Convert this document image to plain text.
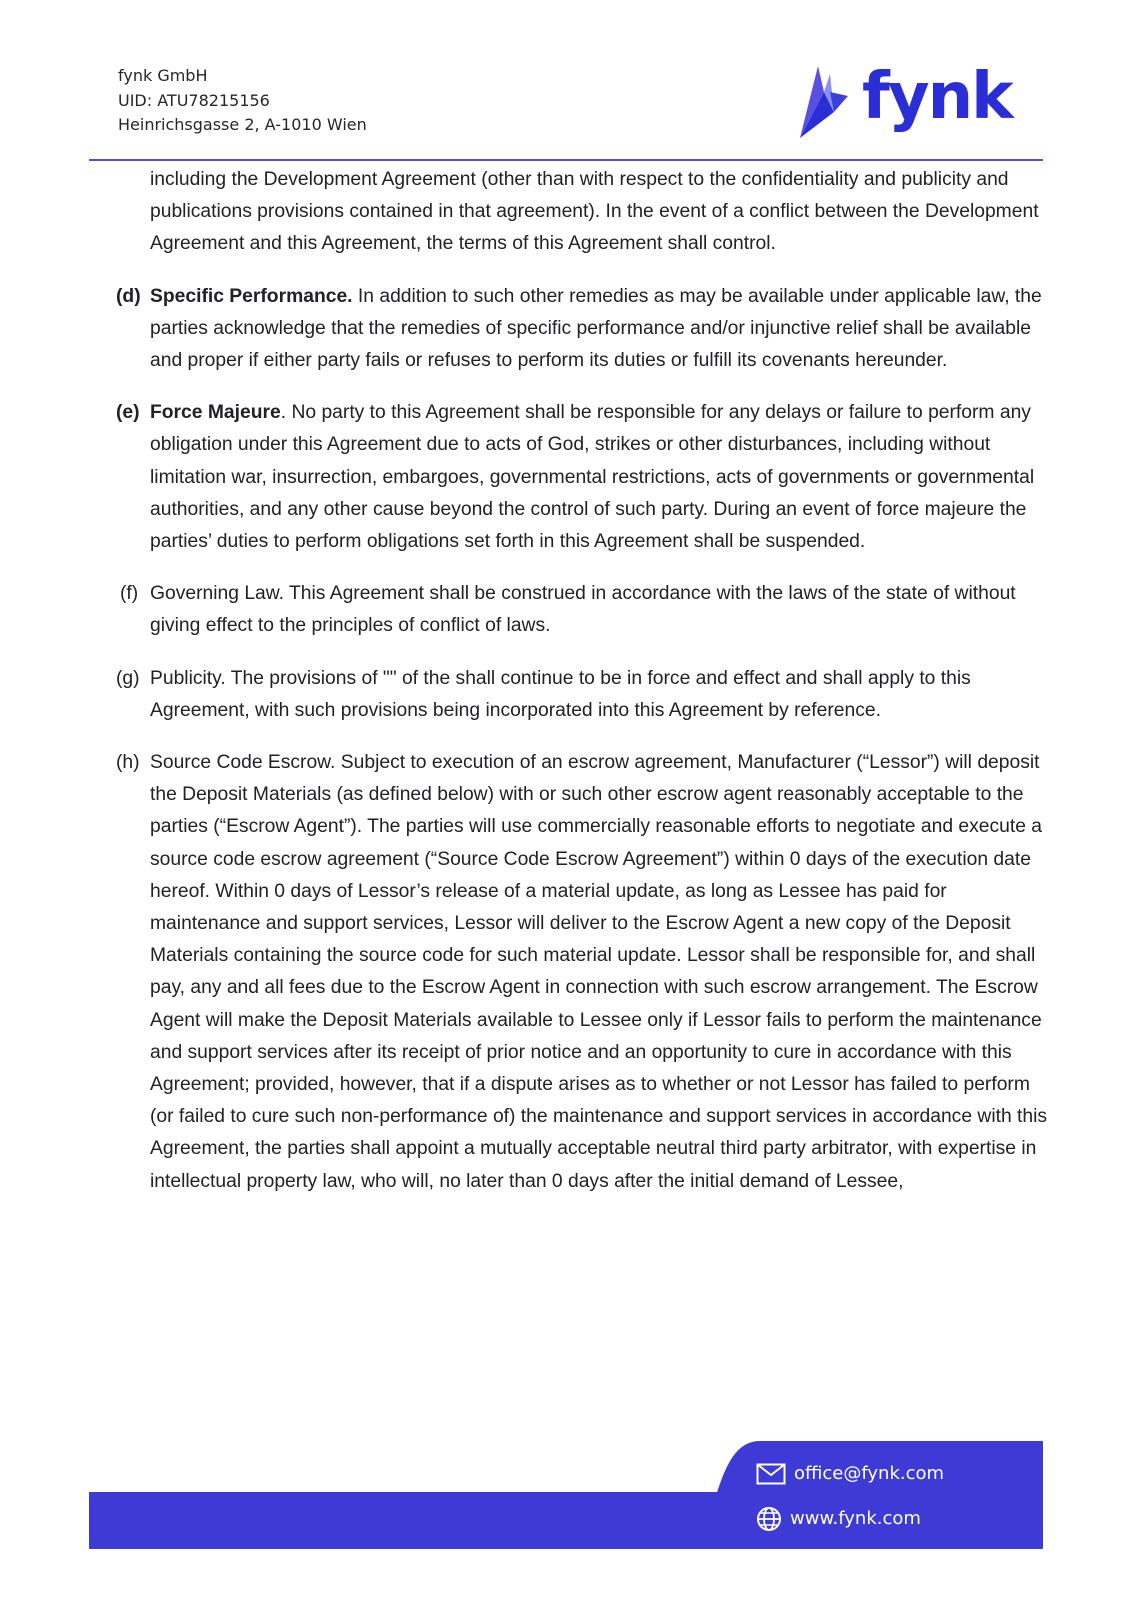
fynk GmbH
UID: ATU78215156
Heinrichsgasse 2, A-1010 Wien	fynk
including the Development Agreement (other than with respect to the confidentiality and publicity and publications provisions contained in that agreement). In the event of a conflict between the Development Agreement and this Agreement, the terms of this Agreement shall control.
(d) Specific Performance. In addition to such other remedies as may be available under applicable law, the parties acknowledge that the remedies of specific performance and/or injunctive relief shall be available and proper if either party fails or refuses to perform its duties or fulfill its covenants hereunder.
(e) Force Majeure. No party to this Agreement shall be responsible for any delays or failure to perform any obligation under this Agreement due to acts of God, strikes or other disturbances, including without limitation war, insurrection, embargoes, governmental restrictions, acts of governments or governmental authorities, and any other cause beyond the control of such party. During an event of force majeure the parties’ duties to perform obligations set forth in this Agreement shall be suspended.
(f) Governing Law. This Agreement shall be construed in accordance with the laws of the state of without giving effect to the principles of conflict of laws.
(g) Publicity. The provisions of "" of the shall continue to be in force and effect and shall apply to this Agreement, with such provisions being incorporated into this Agreement by reference.
(h) Source Code Escrow. Subject to execution of an escrow agreement, Manufacturer (“Lessor”) will deposit the Deposit Materials (as defined below) with or such other escrow agent reasonably acceptable to the parties (“Escrow Agent”). The parties will use commercially reasonable efforts to negotiate and execute a source code escrow agreement (“Source Code Escrow Agreement”) within 0 days of the execution date hereof. Within 0 days of Lessor’s release of a material update, as long as Lessee has paid for maintenance and support services, Lessor will deliver to the Escrow Agent a new copy of the Deposit Materials containing the source code for such material update. Lessor shall be responsible for, and shall pay, any and all fees due to the Escrow Agent in connection with such escrow arrangement. The Escrow Agent will make the Deposit Materials available to Lessee only if Lessor fails to perform the maintenance and support services after its receipt of prior notice and an opportunity to cure in accordance with this Agreement; provided, however, that if a dispute arises as to whether or not Lessor has failed to perform (or failed to cure such non-performance of) the maintenance and support services in accordance with this Agreement, the parties shall appoint a mutually acceptable neutral third party arbitrator, with expertise in intellectual property law, who will, no later than 0 days after the initial demand of Lessee,
office@fynk.com
www.fynk.com
